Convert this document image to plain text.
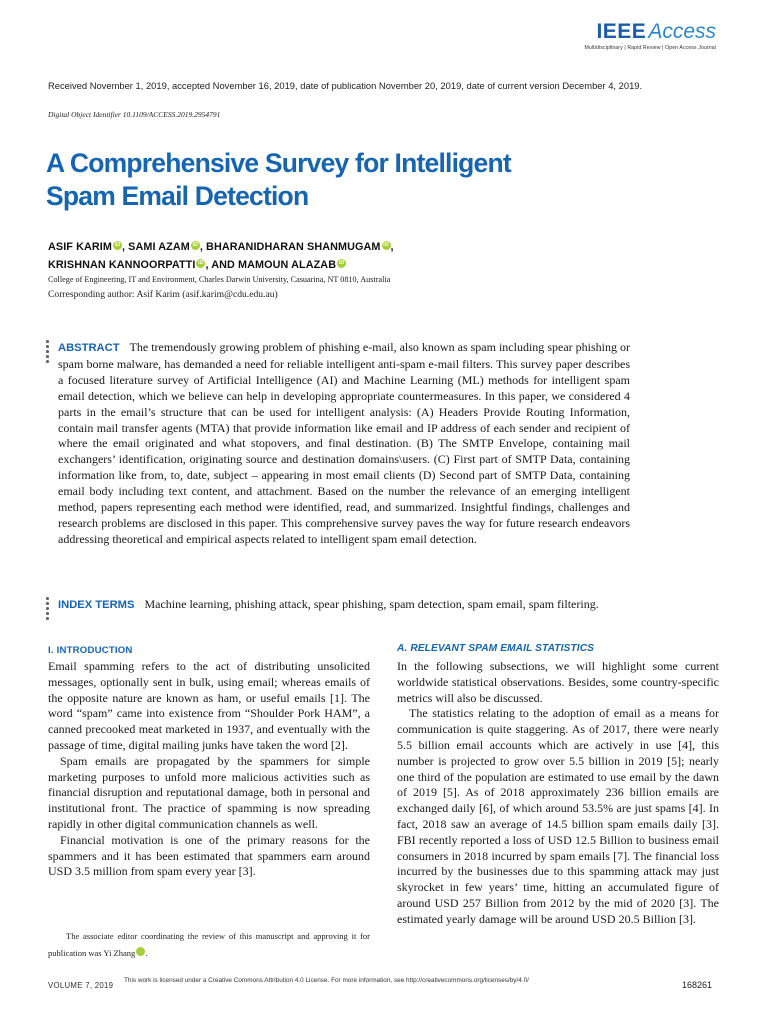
IEEEAccess
Multidisciplinary | Rapid Review | Open Access Journal
Received November 1, 2019, accepted November 16, 2019, date of publication November 20, 2019, date of current version December 4, 2019.
Digital Object Identifier 10.1109/ACCESS.2019.2954791
A Comprehensive Survey for Intelligent
Spam Email Detection
ASIF KARIM iD , SAMI AZAM iD , BHARANIDHARAN SHANMUGAM iD ,
KRISHNAN KANNOORPATTI iD , AND MAMOUN ALAZAB iD
College of Engineering, IT and Environment, Charles Darwin University, Casuarina, NT 0810, Australia
Corresponding author: Asif Karim (asif.karim@cdu.edu.au)
ABSTRACT The tremendously growing problem of phishing e-mail, also known as spam including spear phishing or spam borne malware, has demanded a need for reliable intelligent anti-spam e-mail filters. This survey paper describes a focused literature survey of Artificial Intelligence (AI) and Machine Learning (ML) methods for intelligent spam email detection, which we believe can help in developing appropriate countermeasures. In this paper, we considered 4 parts in the email’s structure that can be used for intelligent analysis: (A) Headers Provide Routing Information, contain mail transfer agents (MTA) that provide information like email and IP address of each sender and recipient of where the email originated and what stopovers, and final destination. (B) The SMTP Envelope, containing mail exchangers’ identification, originating source and destination domains\users. (C) First part of SMTP Data, containing information like from, to, date, subject – appearing in most email clients (D) Second part of SMTP Data, containing email body including text content, and attachment. Based on the number the relevance of an emerging intelligent method, papers representing each method were identified, read, and summarized. Insightful findings, challenges and research problems are disclosed in this paper. This comprehensive survey paves the way for future research endeavors addressing theoretical and empirical aspects related to intelligent spam email detection.
INDEX TERMS Machine learning, phishing attack, spear phishing, spam detection, spam email, spam filtering.
I. INTRODUCTION

Email spamming refers to the act of distributing unsolicited messages, optionally sent in bulk, using email; whereas emails of the opposite nature are known as ham, or useful emails [1]. The word “spam” came into existence from “Shoulder Pork HAM”, a canned precooked meat marketed in 1937, and eventually with the passage of time, digital mailing junks have taken the word [2].

Spam emails are propagated by the spammers for simple marketing purposes to unfold more malicious activities such as financial disruption and reputational damage, both in personal and institutional front. The practice of spamming is now spreading rapidly in other digital communication channels as well.

Financial motivation is one of the primary reasons for the spammers and it has been estimated that spammers earn around USD 3.5 million from spam every year [3].

The associate editor coordinating the review of this manuscript and approving it for publication was Yi Zhang	iD.

A. RELEVANT SPAM EMAIL STATISTICS

In the following subsections, we will highlight some current worldwide statistical observations. Besides, some country-specific metrics will also be discussed.

The statistics relating to the adoption of email as a means for communication is quite staggering. As of 2017, there were nearly 5.5 billion email accounts which are actively in use [4], this number is projected to grow over 5.5 billion in 2019 [5]; nearly one third of the population are estimated to use email by the dawn of 2019 [5]. As of 2018 approximately 236 billion emails are exchanged daily [6], of which around 53.5% are just spams [4]. In fact, 2018 saw an average of 14.5 billion spam emails daily [3]. FBI recently reported a loss of USD 12.5 Billion to business email consumers in 2018 incurred by spam emails [7]. The financial loss incurred by the businesses due to this spamming attack may just skyrocket in few years’ time, hitting an accumulated figure of around USD 257 Billion from 2012 by the mid of 2020 [3]. The estimated yearly damage will be around USD 20.5 Billion [3].

VOLUME 7, 2019
This work is licensed under a Creative Commons Attribution 4.0 License. For more information, see http://creativecommons.org/licenses/by/4.0/	168261
